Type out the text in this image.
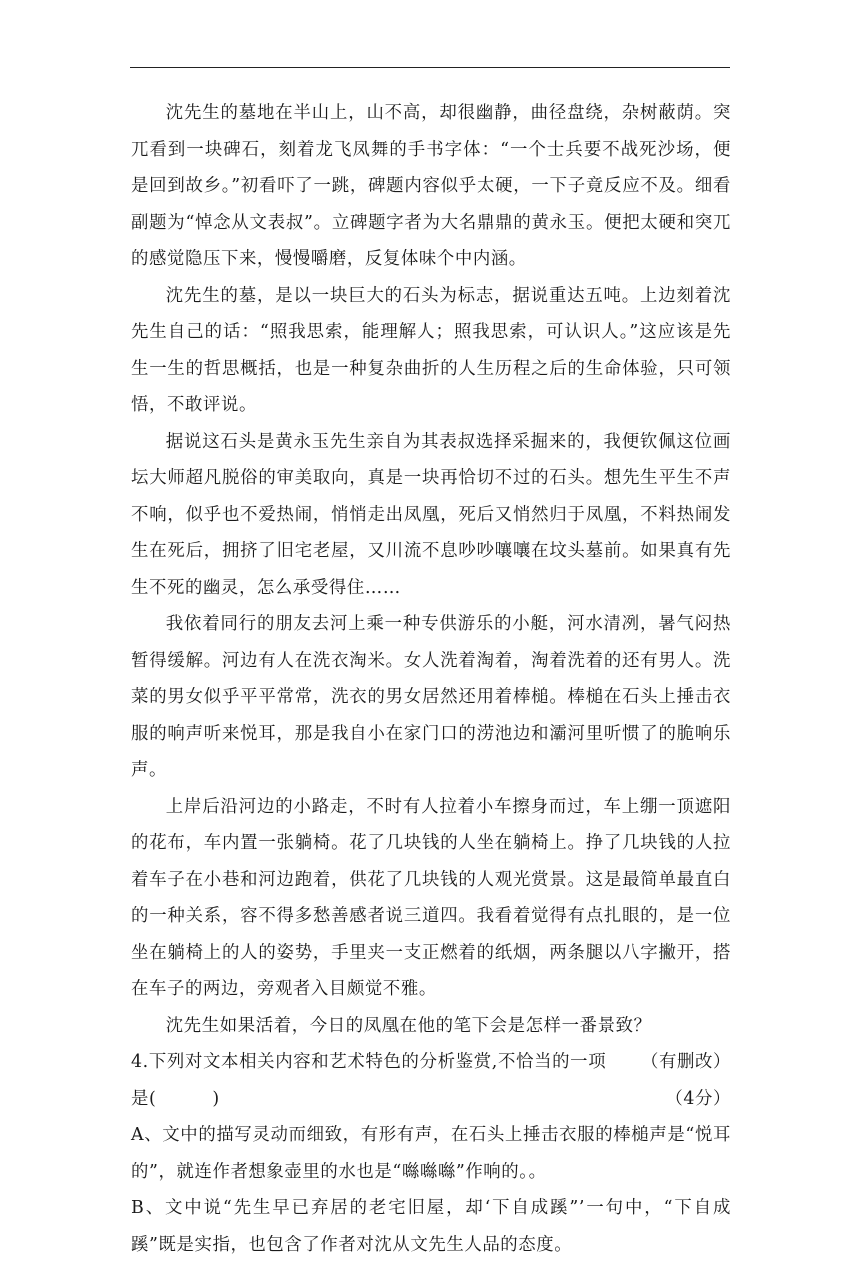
沈先生的墓地在半山上，山不高，却很幽静，曲径盘绕，杂树蔽荫。突兀看到一块碑石，刻着龙飞凤舞的手书字体：“一个士兵要不战死沙场，便是回到故乡。”初看吓了一跳，碑题内容似乎太硬，一下子竟反应不及。细看副题为“悼念从文表叔”。立碑题字者为大名鼎鼎的黄永玉。便把太硬和突兀的感觉隐压下来，慢慢嚼磨，反复体味个中内涵。

沈先生的墓，是以一块巨大的石头为标志，据说重达五吨。上边刻着沈先生自己的话：“照我思索，能理解人；照我思索，可认识人。”这应该是先生一生的哲思概括，也是一种复杂曲折的人生历程之后的生命体验，只可领悟，不敢评说。

据说这石头是黄永玉先生亲自为其表叔选择采掘来的，我便钦佩这位画坛大师超凡脱俗的审美取向，真是一块再恰切不过的石头。想先生平生不声不响，似乎也不爱热闹，悄悄走出凤凰，死后又悄然归于凤凰，不料热闹发生在死后，拥挤了旧宅老屋，又川流不息吵吵嚷嚷在坟头墓前。如果真有先生不死的幽灵，怎么承受得住……

我依着同行的朋友去河上乘一种专供游乐的小艇，河水清冽，暑气闷热暂得缓解。河边有人在洗衣淘米。女人洗着淘着，淘着洗着的还有男人。洗菜的男女似乎平平常常，洗衣的男女居然还用着棒槌。棒槌在石头上捶击衣服的响声听来悦耳，那是我自小在家门口的涝池边和灞河里听惯了的脆响乐声。

上岸后沿河边的小路走，不时有人拉着小车擦身而过，车上绷一顶遮阳的花布，车内置一张躺椅。花了几块钱的人坐在躺椅上。挣了几块钱的人拉着车子在小巷和河边跑着，供花了几块钱的人观光赏景。这是最简单最直白的一种关系，容不得多愁善感者说三道四。我看着觉得有点扎眼的，是一位坐在躺椅上的人的姿势，手里夹一支正燃着的纸烟，两条腿以八字撇开，搭在车子的两边，旁观者入目颇觉不雅。

沈先生如果活着，今日的凤凰在他的笔下会是怎样一番景致？
（有删改）

4.下列对文本相关内容和艺术特色的分析鉴赏,不恰当的一项是(	)	（4分）

A、文中的描写灵动而细致，有形有声，在石头上捶击衣服的棒槌声是“悦耳的”，就连作者想象壶里的水也是“噝噝噝”作响的。。

B、文中说“先生早已弃居的老宅旧屋，却‘下自成蹊”’一句中，“下自成蹊”既是实指，也包含了作者对沈从文先生人品的态度。
